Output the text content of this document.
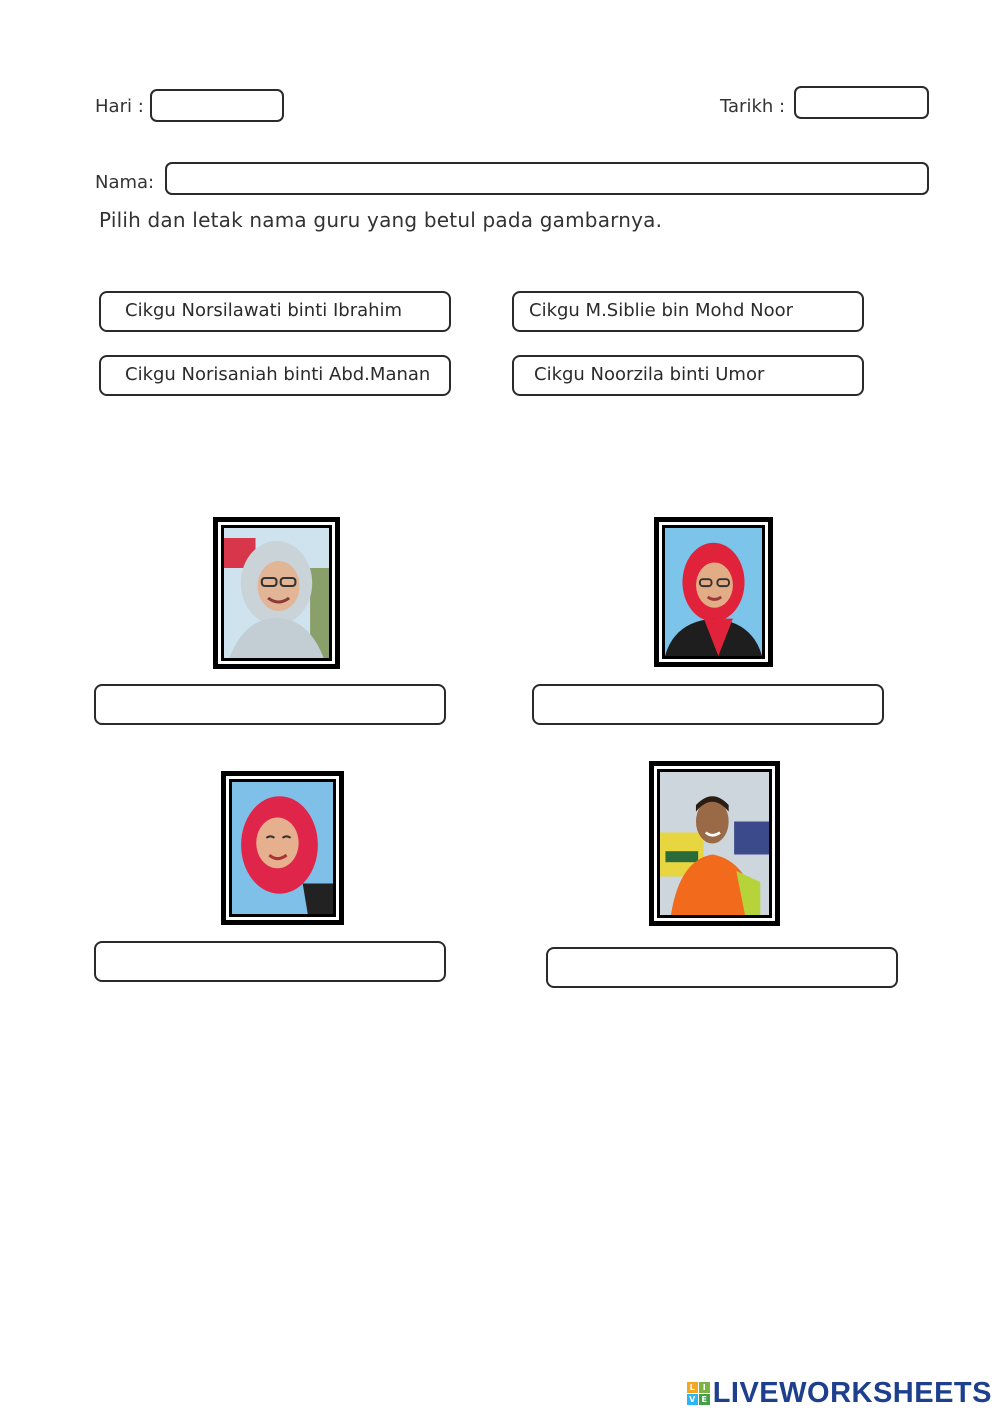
Hari :	Tarikh :
Nama:
Pilih dan letak nama guru yang betul pada gambarnya.
Cikgu Norsilawati binti Ibrahim	Cikgu M.Siblie bin Mohd Noor
Cikgu Norisaniah binti Abd.Manan	Cikgu Noorzila binti Umor
L I
V E LIVEWORKSHEETS
